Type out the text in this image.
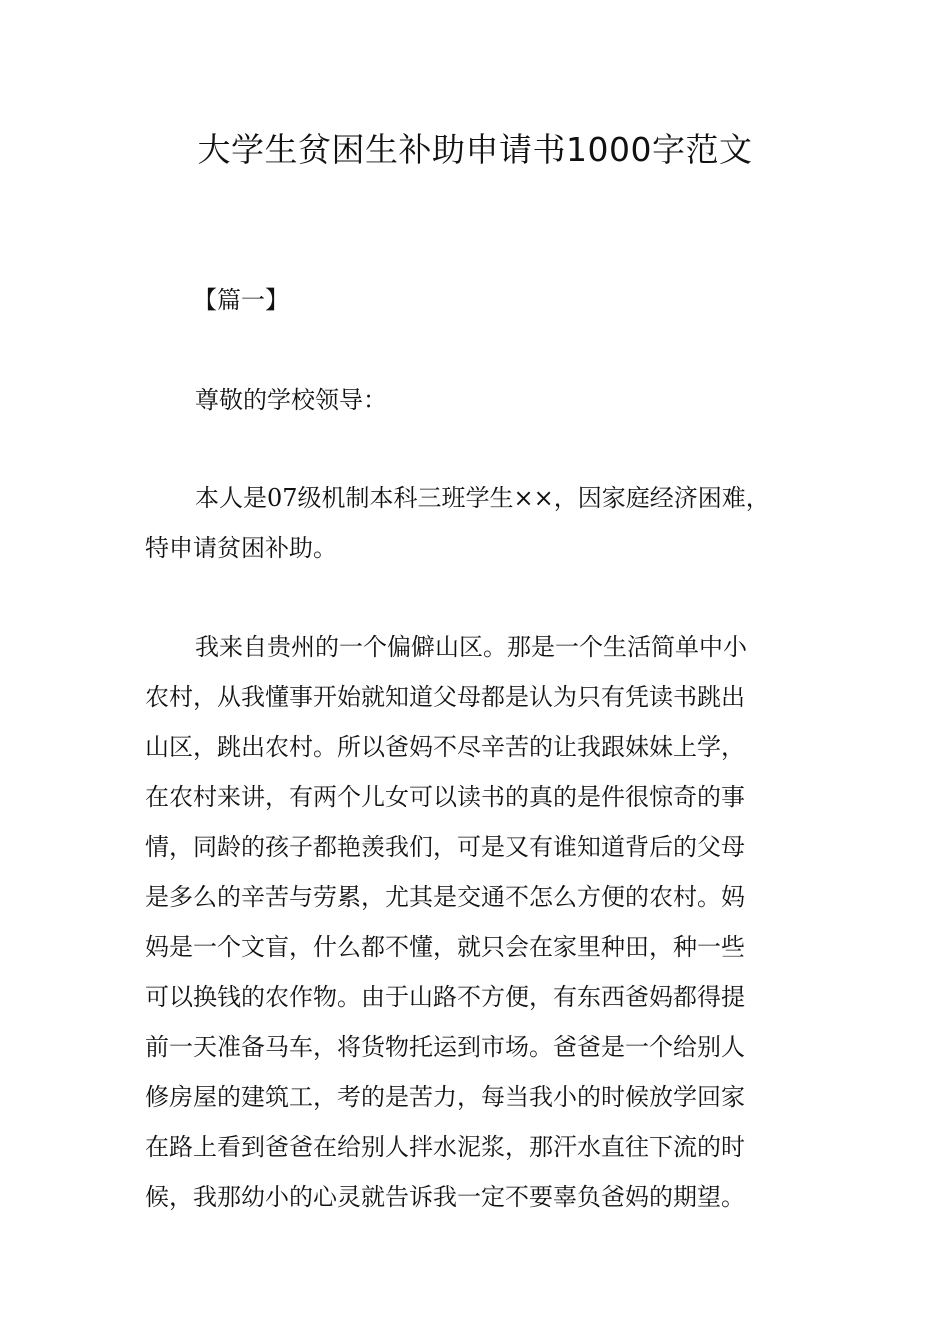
大学生贫困生补助申请书1000字范文

【篇一】

尊敬的学校领导：

本人是07级机制本科三班学生××，因家庭经济困难，
特申请贫困补助。
我来自贵州的一个偏僻山区。那是一个生活简单中小
农村，从我懂事开始就知道父母都是认为只有凭读书跳出
山区，跳出农村。所以爸妈不尽辛苦的让我跟妹妹上学，
在农村来讲，有两个儿女可以读书的真的是件很惊奇的事
情，同龄的孩子都艳羡我们，可是又有谁知道背后的父母
是多么的辛苦与劳累，尤其是交通不怎么方便的农村。妈
妈是一个文盲，什么都不懂，就只会在家里种田，种一些
可以换钱的农作物。由于山路不方便，有东西爸妈都得提
前一天准备马车，将货物托运到市场。爸爸是一个给别人
修房屋的建筑工，考的是苦力，每当我小的时候放学回家
在路上看到爸爸在给别人拌水泥浆，那汗水直往下流的时
候，我那幼小的心灵就告诉我一定不要辜负爸妈的期望。
